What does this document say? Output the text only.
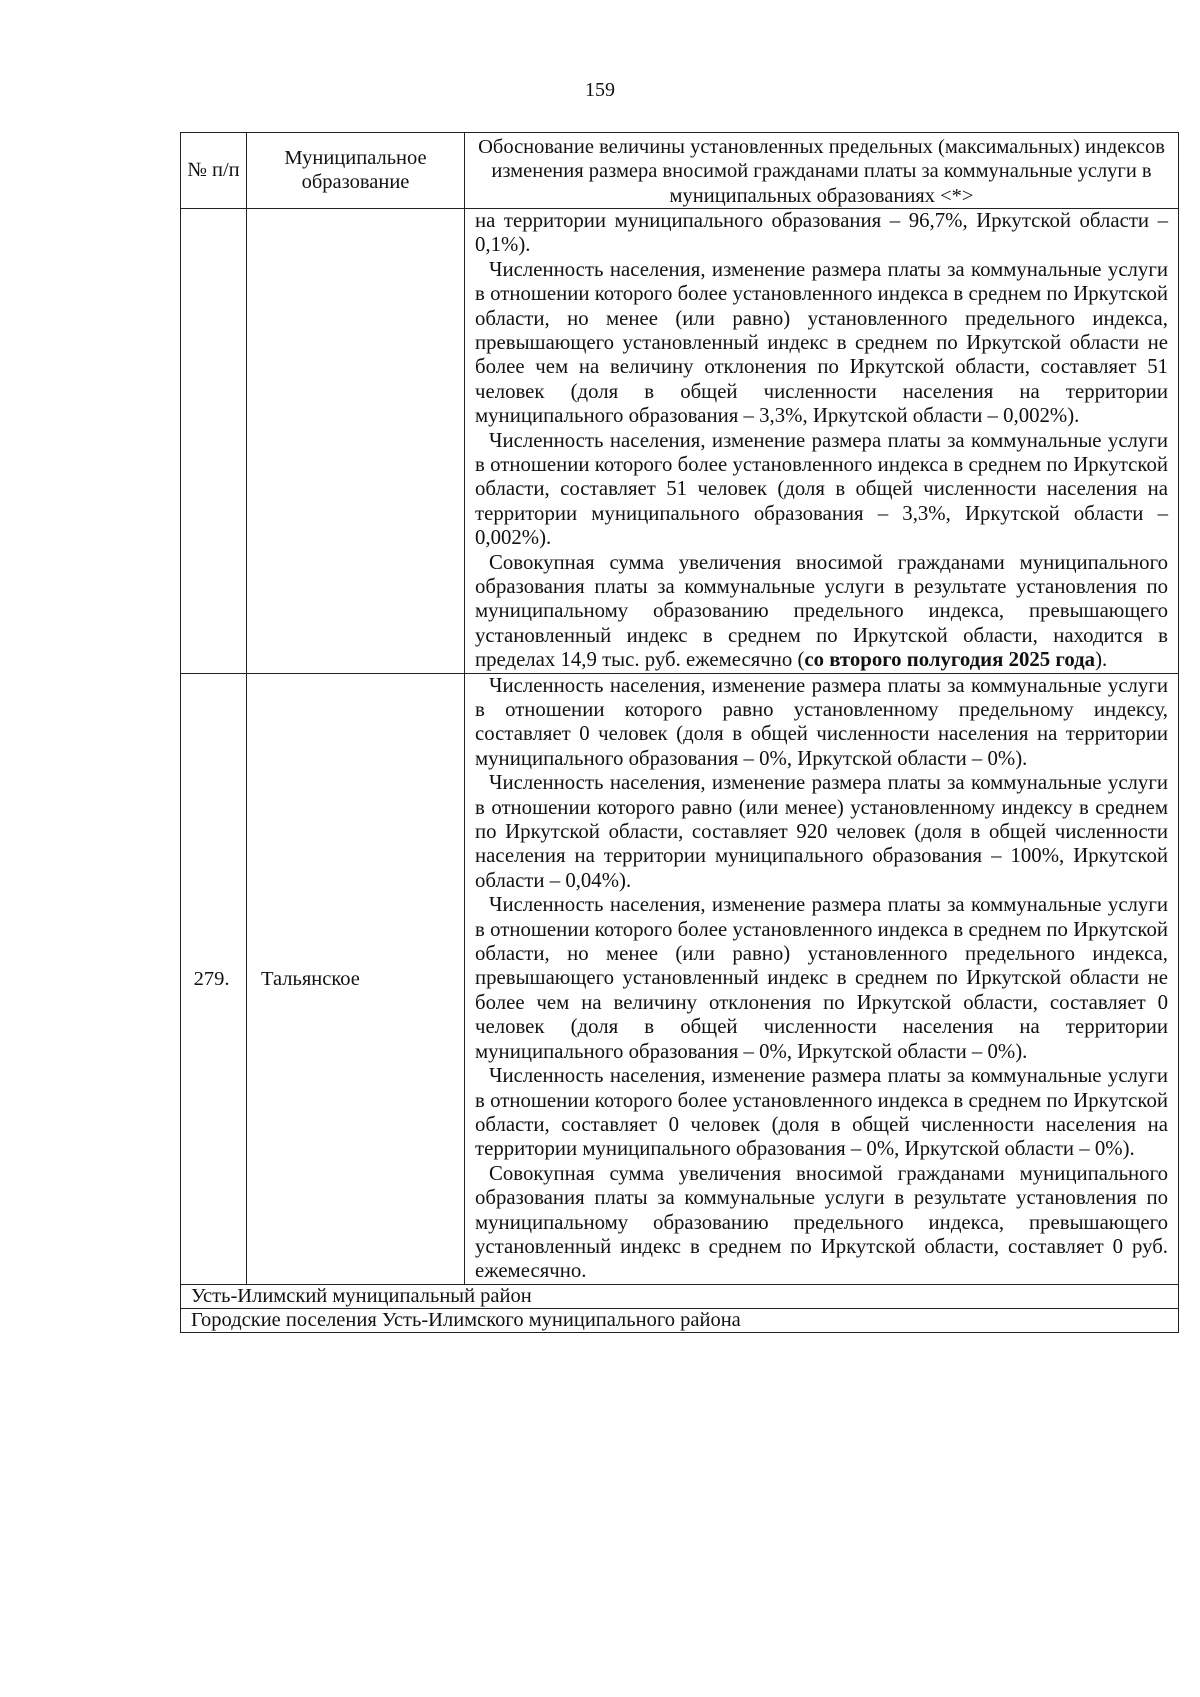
159
№ п/п	Муниципальное образование	Обоснование величины установленных предельных (максимальных) индексов изменения размера вносимой гражданами платы за коммунальные услуги в муниципальных образованиях <*>

		на территории муниципального образования – 96,7%, Иркутской области – 0,1%).

Численность населения, изменение размера платы за коммунальные услуги в отношении которого более установленного индекса в среднем по Иркутской области, но менее (или равно) установленного предельного индекса, превышающего установленный индекс в среднем по Иркутской области не более чем на величину отклонения по Иркутской области, составляет 51 человек (доля в общей численности населения на территории муниципального образования – 3,3%, Иркутской области – 0,002%).

Численность населения, изменение размера платы за коммунальные услуги в отношении которого более установленного индекса в среднем по Иркутской области, составляет 51 человек (доля в общей численности населения на территории муниципального образования – 3,3%, Иркутской области – 0,002%).

Совокупная сумма увеличения вносимой гражданами муниципального образования платы за коммунальные услуги в результате установления по муниципальному образованию предельного индекса, превышающего установленный индекс в среднем по Иркутской области, находится в пределах 14,9 тыс. руб. ежемесячно (со второго полугодия 2025 года).

279.	Тальянское	Численность населения, изменение размера платы за коммунальные услуги в отношении которого равно установленному предельному индексу, составляет 0 человек (доля в общей численности населения на территории муниципального образования – 0%, Иркутской области – 0%).

Численность населения, изменение размера платы за коммунальные услуги в отношении которого равно (или менее) установленному индексу в среднем по Иркутской области, составляет 920 человек (доля в общей численности населения на территории муниципального образования – 100%, Иркутской области – 0,04%).

Численность населения, изменение размера платы за коммунальные услуги в отношении которого более установленного индекса в среднем по Иркутской области, но менее (или равно) установленного предельного индекса, превышающего установленный индекс в среднем по Иркутской области не более чем на величину отклонения по Иркутской области, составляет 0 человек (доля в общей численности населения на территории муниципального образования – 0%, Иркутской области – 0%).

Численность населения, изменение размера платы за коммунальные услуги в отношении которого более установленного индекса в среднем по Иркутской области, составляет 0 человек (доля в общей численности населения на территории муниципального образования – 0%, Иркутской области – 0%).

Совокупная сумма увеличения вносимой гражданами муниципального образования платы за коммунальные услуги в результате установления по муниципальному образованию предельного индекса, превышающего установленный индекс в среднем по Иркутской области, составляет 0 руб. ежемесячно.

Усть-Илимский муниципальный район		
Городские поселения Усть-Илимского муниципального района		
